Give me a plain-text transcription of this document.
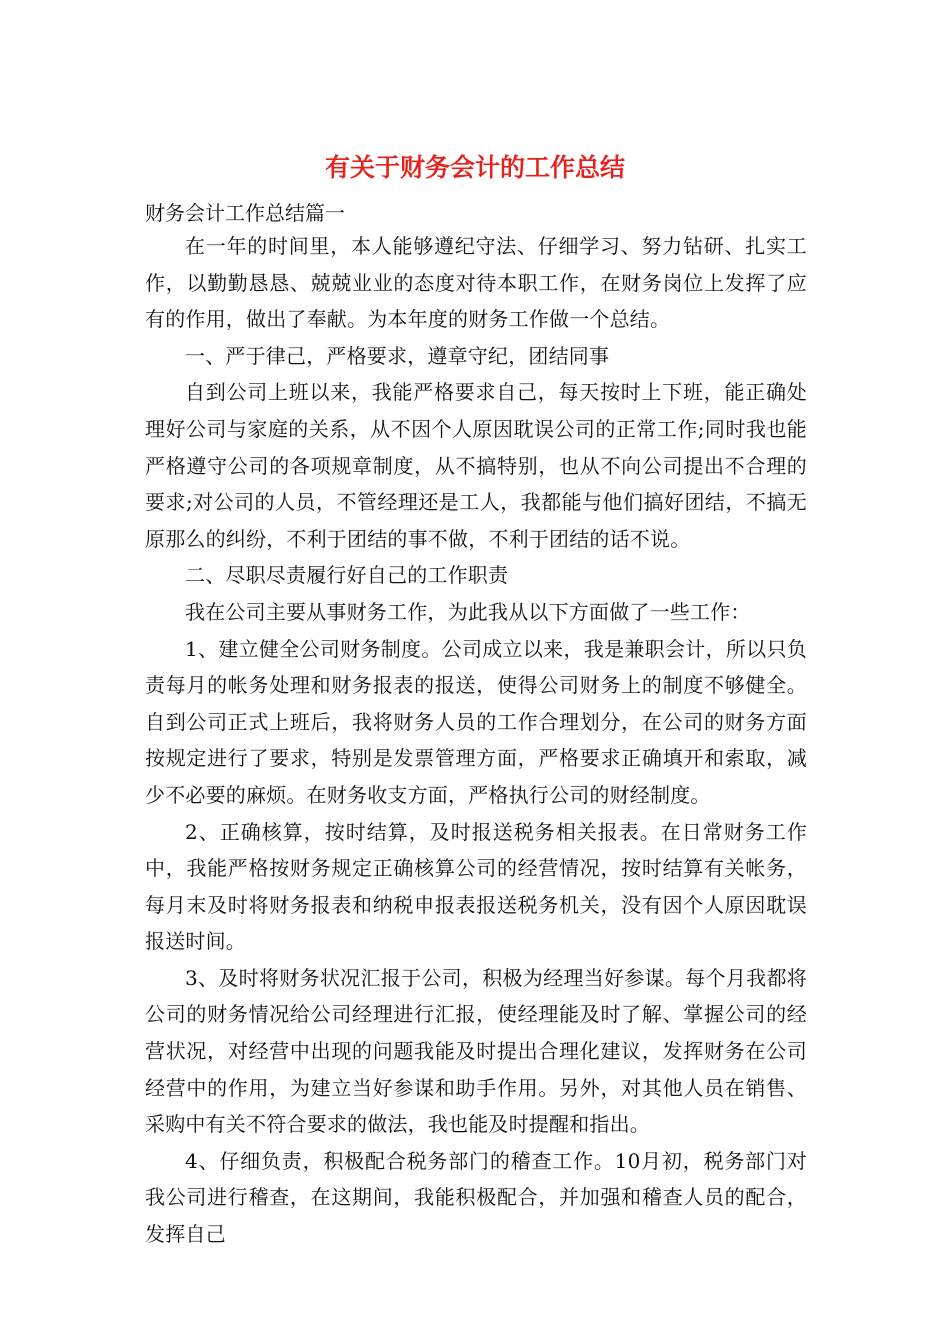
有关于财务会计的工作总结

财务会计工作总结篇一

在一年的时间里，本人能够遵纪守法、仔细学习、努力钻研、扎实工作，以勤勤恳恳、兢兢业业的态度对待本职工作，在财务岗位上发挥了应有的作用，做出了奉献。为本年度的财务工作做一个总结。

一、严于律己，严格要求，遵章守纪，团结同事

自到公司上班以来，我能严格要求自己，每天按时上下班，能正确处理好公司与家庭的关系，从不因个人原因耽误公司的正常工作;同时我也能严格遵守公司的各项规章制度，从不搞特别，也从不向公司提出不合理的要求;对公司的人员，不管经理还是工人，我都能与他们搞好团结，不搞无原那么的纠纷，不利于团结的事不做，不利于团结的话不说。

二、尽职尽责履行好自己的工作职责

我在公司主要从事财务工作，为此我从以下方面做了一些工作：

1、建立健全公司财务制度。公司成立以来，我是兼职会计，所以只负责每月的帐务处理和财务报表的报送，使得公司财务上的制度不够健全。自到公司正式上班后，我将财务人员的工作合理划分，在公司的财务方面按规定进行了要求，特别是发票管理方面，严格要求正确填开和索取，减少不必要的麻烦。在财务收支方面，严格执行公司的财经制度。

2、正确核算，按时结算，及时报送税务相关报表。在日常财务工作中，我能严格按财务规定正确核算公司的经营情况，按时结算有关帐务，每月末及时将财务报表和纳税申报表报送税务机关，没有因个人原因耽误报送时间。

3、及时将财务状况汇报于公司，积极为经理当好参谋。每个月我都将公司的财务情况给公司经理进行汇报，使经理能及时了解、掌握公司的经营状况，对经营中出现的问题我能及时提出合理化建议，发挥财务在公司经营中的作用，为建立当好参谋和助手作用。另外，对其他人员在销售、采购中有关不符合要求的做法，我也能及时提醒和指出。

4、仔细负责，积极配合税务部门的稽查工作。10月初，税务部门对我公司进行稽查，在这期间，我能积极配合，并加强和稽查人员的配合，发挥自己
